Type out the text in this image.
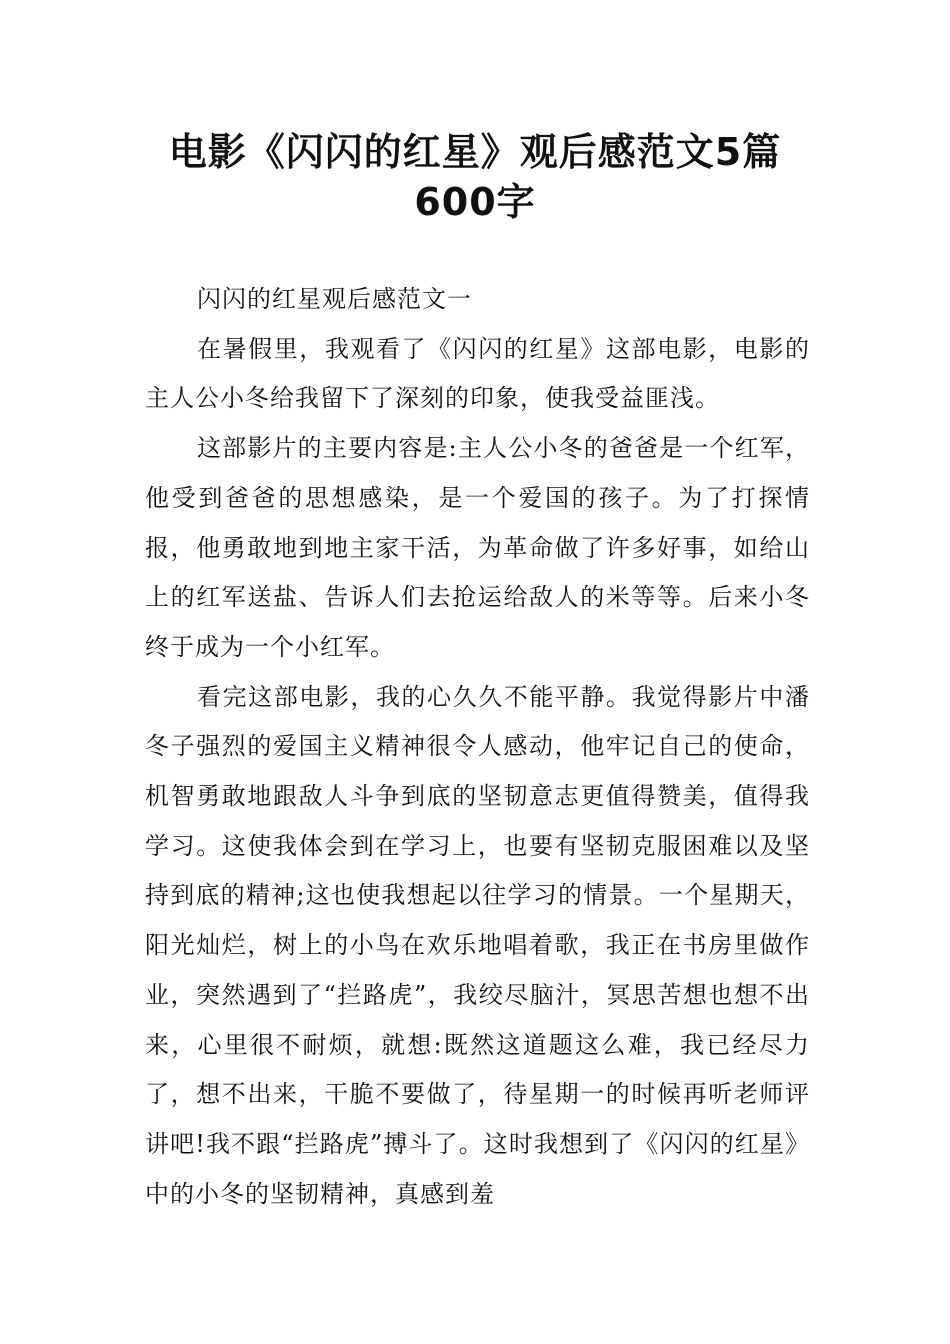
电影《闪闪的红星》观后感范文5篇
600字

闪闪的红星观后感范文一

在暑假里，我观看了《闪闪的红星》这部电影，电影的主人公小冬给我留下了深刻的印象，使我受益匪浅。

这部影片的主要内容是:主人公小冬的爸爸是一个红军，他受到爸爸的思想感染，是一个爱国的孩子。为了打探情报，他勇敢地到地主家干活，为革命做了许多好事，如给山上的红军送盐、告诉人们去抢运给敌人的米等等。后来小冬终于成为一个小红军。

看完这部电影，我的心久久不能平静。我觉得影片中潘冬子强烈的爱国主义精神很令人感动，他牢记自己的使命，机智勇敢地跟敌人斗争到底的坚韧意志更值得赞美，值得我学习。这使我体会到在学习上，也要有坚韧克服困难以及坚持到底的精神;这也使我想起以往学习的情景。一个星期天，阳光灿烂，树上的小鸟在欢乐地唱着歌，我正在书房里做作业，突然遇到了“拦路虎”，我绞尽脑汁，冥思苦想也想不出来，心里很不耐烦，就想:既然这道题这么难，我已经尽力了，想不出来，干脆不要做了，待星期一的时候再听老师评讲吧!我不跟“拦路虎”搏斗了。这时我想到了《闪闪的红星》中的小冬的坚韧精神，真感到羞
